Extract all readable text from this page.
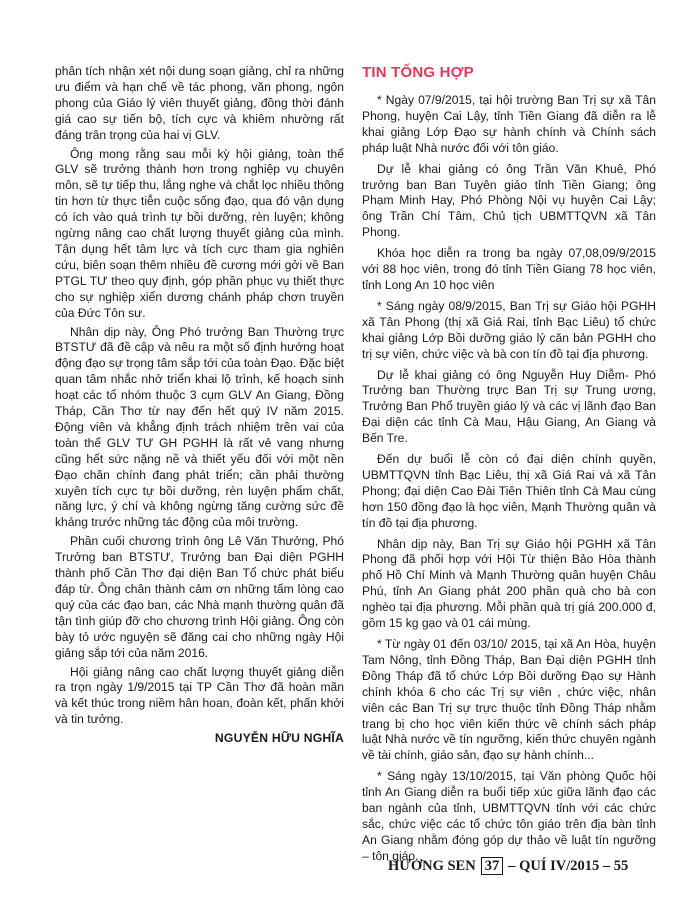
phân tích nhận xét nội dung soạn giảng, chỉ ra những ưu điểm và hạn chế về tác phong, văn phong, ngôn phong của Giáo lý viên thuyết giảng, đồng thời đánh giá cao sự tiến bộ, tích cực và khiêm nhường rất đáng trân trọng của hai vị GLV.

Ông mong rằng sau mỗi kỳ hội giảng, toàn thể GLV sẽ trưởng thành hơn trong nghiệp vụ chuyên môn, sẽ tự tiếp thu, lắng nghe và chắt lọc nhiều thông tin hơn từ thực tiễn cuộc sống đạo, qua đó vận dụng có ích vào quá trình tự bồi dưỡng, rèn luyện; không ngừng nâng cao chất lượng thuyết giảng của mình. Tận dụng hết tâm lực và tích cực tham gia nghiên cứu, biên soạn thêm nhiều đề cương mới gởi về Ban PTGL TƯ theo quy định, góp phần phục vụ thiết thực cho sự nghiệp xiển dương chánh pháp chơn truyền của Đức Tôn sư.

Nhân dịp này, Ông Phó trưởng Ban Thường trực BTSTƯ đã đề cập và nêu ra một số định hướng hoạt động đạo sự trọng tâm sắp tới của toàn Đạo. Đặc biệt quan tâm nhắc nhở triển khai lộ trình, kế hoạch sinh hoạt các tổ nhóm thuộc 3 cụm GLV An Giang, Đồng Tháp, Cần Thơ từ nay đến hết quý IV năm 2015. Động viên và khẳng định trách nhiệm trên vai của toàn thể GLV TƯ GH PGHH là rất vẻ vang nhưng cũng hết sức nặng nề và thiết yếu đối với một nền Đạo chân chính đang phát triển; cần phải thường xuyên tích cực tự bồi dưỡng, rèn luyện phẩm chất, năng lực, ý chí và không ngừng tăng cường sức đề kháng trước những tác động của môi trường.

Phần cuối chương trình ông Lê Văn Thưởng, Phó Trưởng ban BTSTƯ, Trưởng ban Đại diện PGHH thành phố Cần Thơ đại diện Ban Tổ chức phát biểu đáp từ. Ông chân thành cảm ơn những tấm lòng cao quý của các đạo ban, các Nhà mạnh thường quân đã tận tình giúp đỡ cho chương trình Hội giảng. Ông còn bày tỏ ước nguyện sẽ đăng cai cho những ngày Hội giảng sắp tới của năm 2016.

Hội giảng nâng cao chất lượng thuyết giảng diễn ra trọn ngày 1/9/2015 tại TP Cần Thơ đã hoàn mãn và kết thúc trong niềm hân hoan, đoàn kết, phấn khởi và tin tưởng.

NGUYỄN HỮU NGHĨA

TIN TỔNG HỢP

* Ngày 07/9/2015, tại hội trường Ban Trị sự xã Tân Phong, huyện Cai Lậy, tỉnh Tiền Giang đã diễn ra lễ khai giảng Lớp Đạo sự hành chính và Chính sách pháp luật Nhà nước đối với tôn giáo.

Dự lễ khai giảng có ông Trần Văn Khuê, Phó trưởng ban Ban Tuyên giáo tỉnh Tiền Giang; ông Phạm Minh Hay, Phó Phòng Nội vụ huyện Cai Lậy; ông Trần Chí Tâm, Chủ tịch UBMTTQVN xã Tân Phong.

Khóa học diễn ra trong ba ngày 07,08,09/9/2015 với 88 học viên, trong đó tỉnh Tiền Giang 78 học viên, tỉnh Long An 10 học viên

* Sáng ngày 08/9/2015, Ban Trị sự Giáo hội PGHH xã Tân Phong (thị xã Giá Rai, tỉnh Bạc Liêu) tổ chức khai giảng Lớp Bồi dưỡng giáo lý căn bản PGHH cho trị sự viên, chức việc và bà con tín đồ tại địa phương.

Dự lễ khai giảng có ông Nguyễn Huy Diễm- Phó Trưởng ban Thường trực Ban Trị sự Trung ương, Trưởng Ban Phổ truyền giáo lý và các vị lãnh đạo Ban Đại diện các tỉnh Cà Mau, Hậu Giang, An Giang và Bến Tre.

Đến dự buổi lễ còn có đại diện chính quyền, UBMTTQVN tỉnh Bạc Liêu, thị xã Giá Rai và xã Tân Phong; đại diện Cao Đài Tiên Thiên tỉnh Cà Mau cùng hơn 150 đồng đạo là học viên, Mạnh Thường quân và tín đồ tại địa phương.

Nhân dịp này, Ban Trị sự Giáo hội PGHH xã Tân Phong đã phối hợp với Hội Từ thiện Bảo Hòa thành phố Hồ Chí Minh và Mạnh Thường quân huyện Châu Phú, tỉnh An Giang phát 200 phần quà cho bà con nghèo tại địa phương. Mỗi phần quà trị giá 200.000 đ, gồm 15 kg gạo và 01 cái mùng.

* Từ ngày 01 đến 03/10/ 2015, tại xã An Hòa, huyện Tam Nông, tỉnh Đồng Tháp, Ban Đại diện PGHH tỉnh Đồng Tháp đã tổ chức Lớp Bồi dưỡng Đạo sự Hành chính khóa 6 cho các Trị sự viên , chức việc, nhân viên các Ban Trị sự trực thuộc tỉnh Đồng Tháp nhằm trang bị cho học viên kiến thức về chính sách pháp luật Nhà nước về tín ngưỡng, kiến thức chuyên ngành về tài chính, giáo sản, đạo sự hành chính...

* Sáng ngày 13/10/2015, tại Văn phòng Quốc hội tỉnh An Giang diễn ra buổi tiếp xúc giữa lãnh đạo các ban ngành của tỉnh, UBMTTQVN tỉnh với các chức sắc, chức việc các tổ chức tôn giáo trên địa bàn tỉnh An Giang nhằm đóng góp dự thảo về luật tín ngưỡng – tôn giáo.

HƯƠNG SEN 37 –
QUÍ IV/2015
– 55
